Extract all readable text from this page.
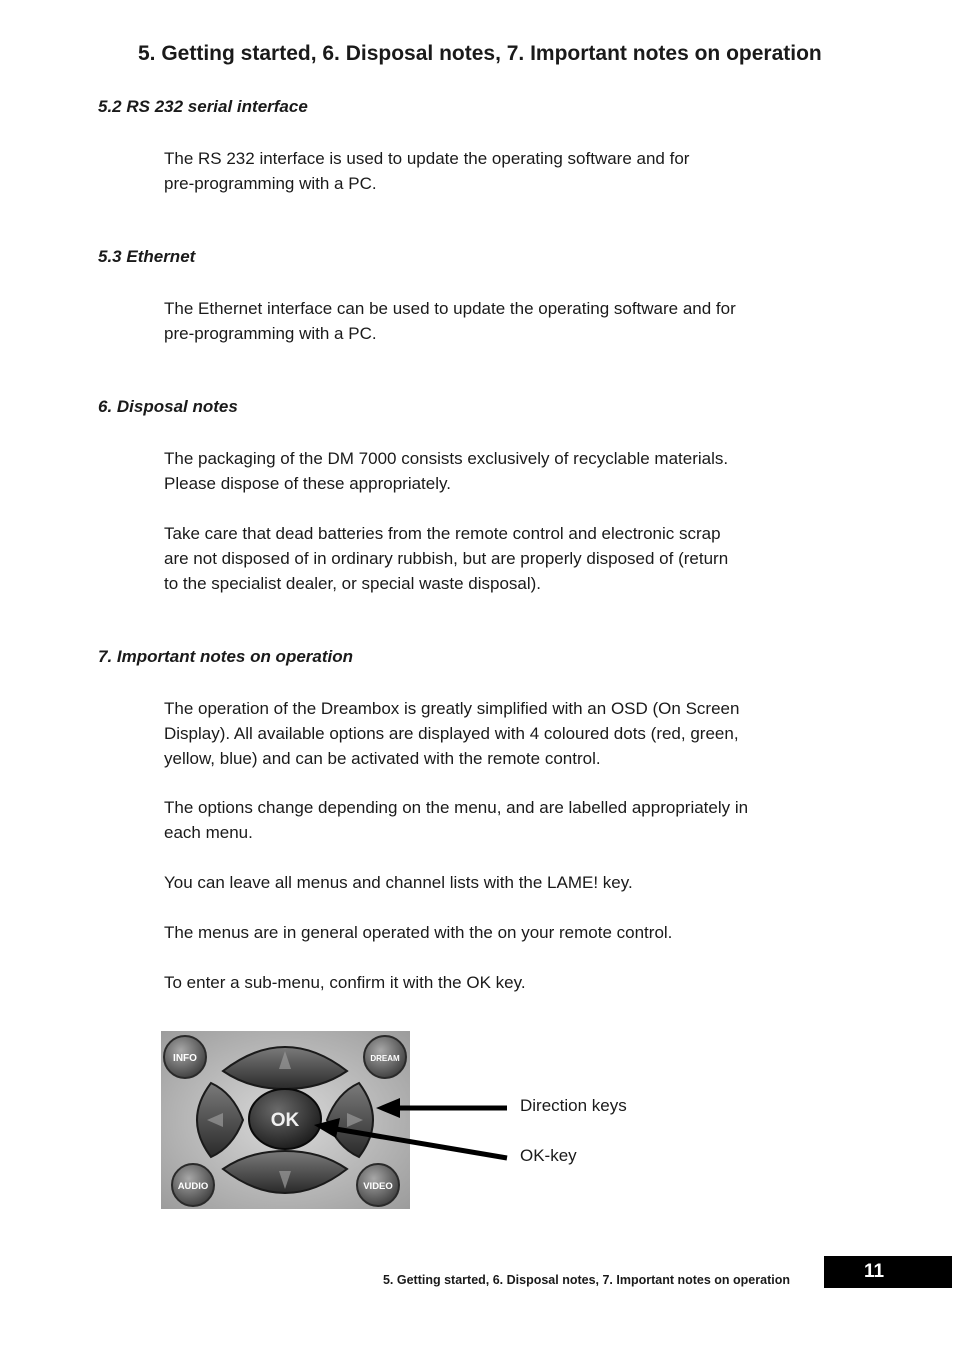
5. Getting started, 6. Disposal notes, 7. Important notes on operation
5.2 RS 232 serial interface

The RS 232 interface is used to update the operating software and for
pre-programming with a PC.

5.3 Ethernet

The Ethernet interface can be used to update the operating software and for
pre-programming with a PC.

6. Disposal notes

The packaging of the DM 7000 consists exclusively of recyclable materials.
Please dispose of these appropriately.

Take care that dead batteries from the remote control and electronic scrap
are not disposed of in ordinary rubbish, but are properly disposed of (return
to the specialist dealer, or special waste disposal).

7. Important notes on operation

The operation of the Dreambox is greatly simplified with an OSD (On Screen
Display). All available options are displayed with 4 coloured dots (red, green,
yellow, blue) and can be activated with the remote control.

The options change depending on the menu, and are labelled appropriately in
each menu.

You can leave all menus and channel lists with the LAME! key.

The menus are in general operated with the on your remote control.

To enter a sub-menu, confirm it with the OK key.

OK
INFO	DREAM
AUDIO	VIDEO
Direction keys
OK-key
5. Getting started, 6. Disposal notes, 7. Important notes on operation	11
